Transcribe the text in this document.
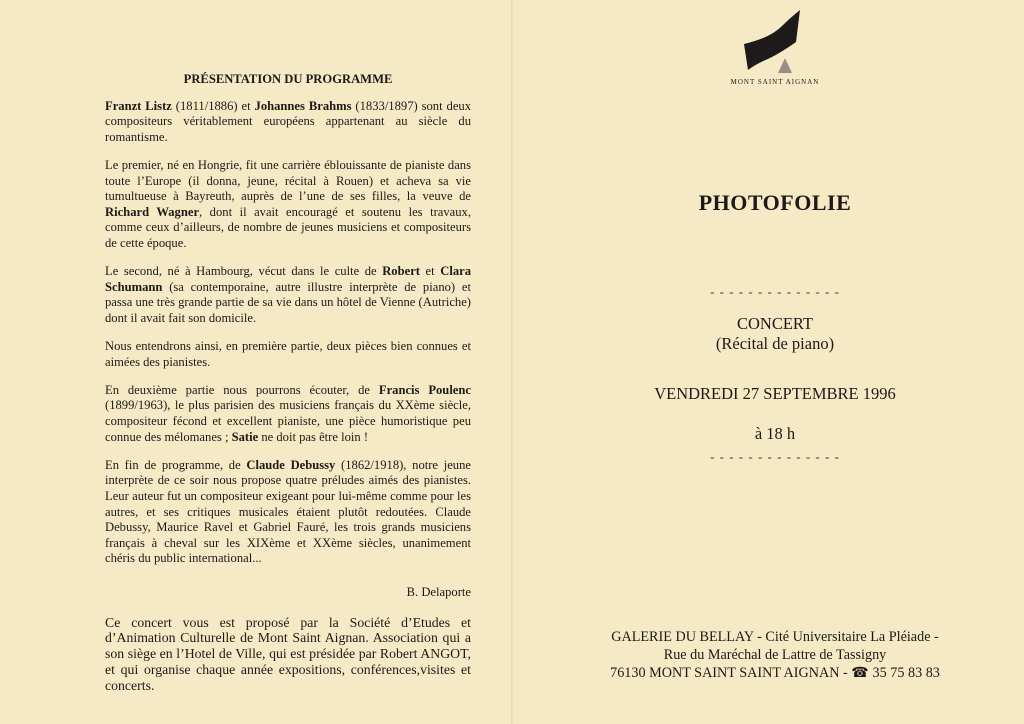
PRÉSENTATION DU PROGRAMME

Franzt Listz (1811/1886) et Johannes Brahms (1833/1897) sont deux compositeurs véritablement européens appartenant au siècle du romantisme.

Le premier, né en Hongrie, fit une carrière éblouissante de pianiste dans toute l’Europe (il donna, jeune, récital à Rouen) et acheva sa vie tumultueuse à Bayreuth, auprès de l’une de ses filles, la veuve de Richard Wagner, dont il avait encouragé et soutenu les travaux, comme ceux d’ailleurs, de nombre de jeunes musiciens et compositeurs de cette époque.

Le second, né à Hambourg, vécut dans le culte de Robert et Clara Schumann (sa contemporaine, autre illustre interprète de piano) et passa une très grande partie de sa vie dans un hôtel de Vienne (Autriche) dont il avait fait son domicile.

Nous entendrons ainsi, en première partie, deux pièces bien connues et aimées des pianistes.

En deuxième partie nous pourrons écouter, de Francis Poulenc (1899/1963), le plus parisien des musiciens français du XXème siècle, compositeur fécond et excellent pianiste, une pièce humoristique peu connue des mélomanes ; Satie ne doit pas être loin !

En fin de programme, de Claude Debussy (1862/1918), notre jeune interprète de ce soir nous propose quatre préludes aimés des pianistes. Leur auteur fut un compositeur exigeant pour lui-même comme pour les autres, et ses critiques musicales étaient plutôt redoutées. Claude Debussy, Maurice Ravel et Gabriel Fauré, les trois grands musiciens français à cheval sur les XIXème et XXème siècles, unanimement chéris du public international...

B. Delaporte

Ce concert vous est proposé par la Société d’Etudes et d’Animation Culturelle de Mont Saint Aignan. Association qui a son siège en l’Hotel de Ville, qui est présidée par Robert ANGOT, et qui organise chaque année expositions, conférences,visites et concerts.

MONT SAINT AIGNAN
PHOTOFOLIE
- - - - - - - - - - - - - -
CONCERT
(Récital de piano)
VENDREDI 27 SEPTEMBRE 1996
à 18 h
- - - - - - - - - - - - - -
GALERIE DU BELLAY - Cité Universitaire La Pléiade -
Rue du Maréchal de Lattre de Tassigny
76130 MONT SAINT SAINT AIGNAN - ☎ 35 75 83 83
